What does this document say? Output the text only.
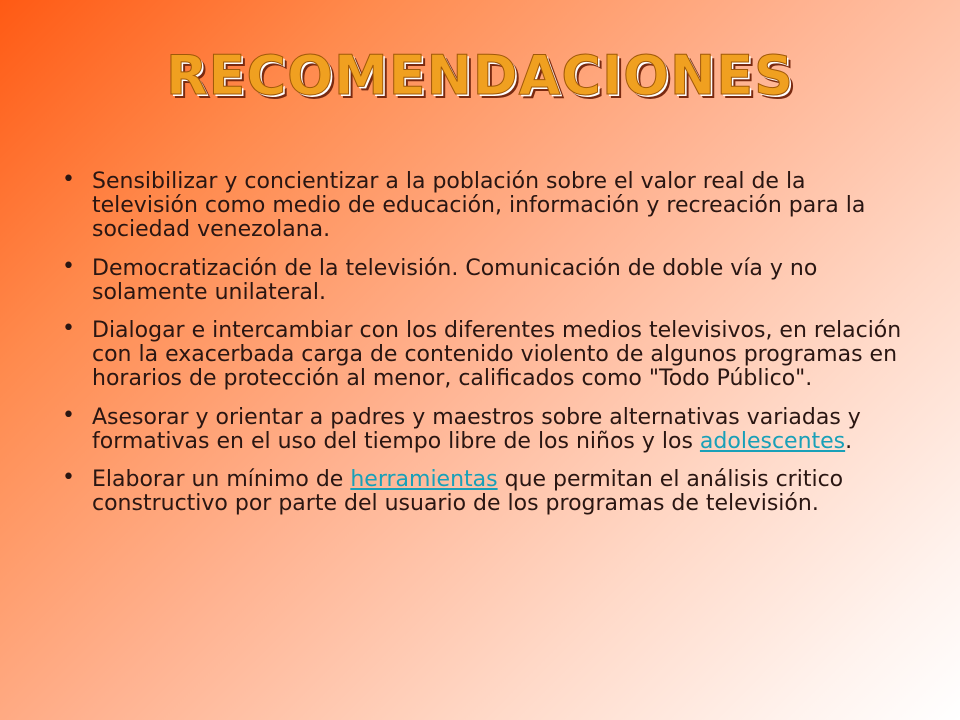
RECOMENDACIONES
• Sensibilizar y concientizar a la población sobre el valor real de la televisión como medio de educación, información y recreación para la sociedad venezolana.
• Democratización de la televisión. Comunicación de doble vía y no solamente unilateral.
• Dialogar e intercambiar con los diferentes medios televisivos, en relación con la exacerbada carga de contenido violento de algunos programas en horarios de protección al menor, calificados como "Todo Público".
• Asesorar y orientar a padres y maestros sobre alternativas variadas y formativas en el uso del tiempo libre de los niños y los adolescentes.
• Elaborar un mínimo de herramientas que permitan el análisis critico constructivo por parte del usuario de los programas de televisión.
